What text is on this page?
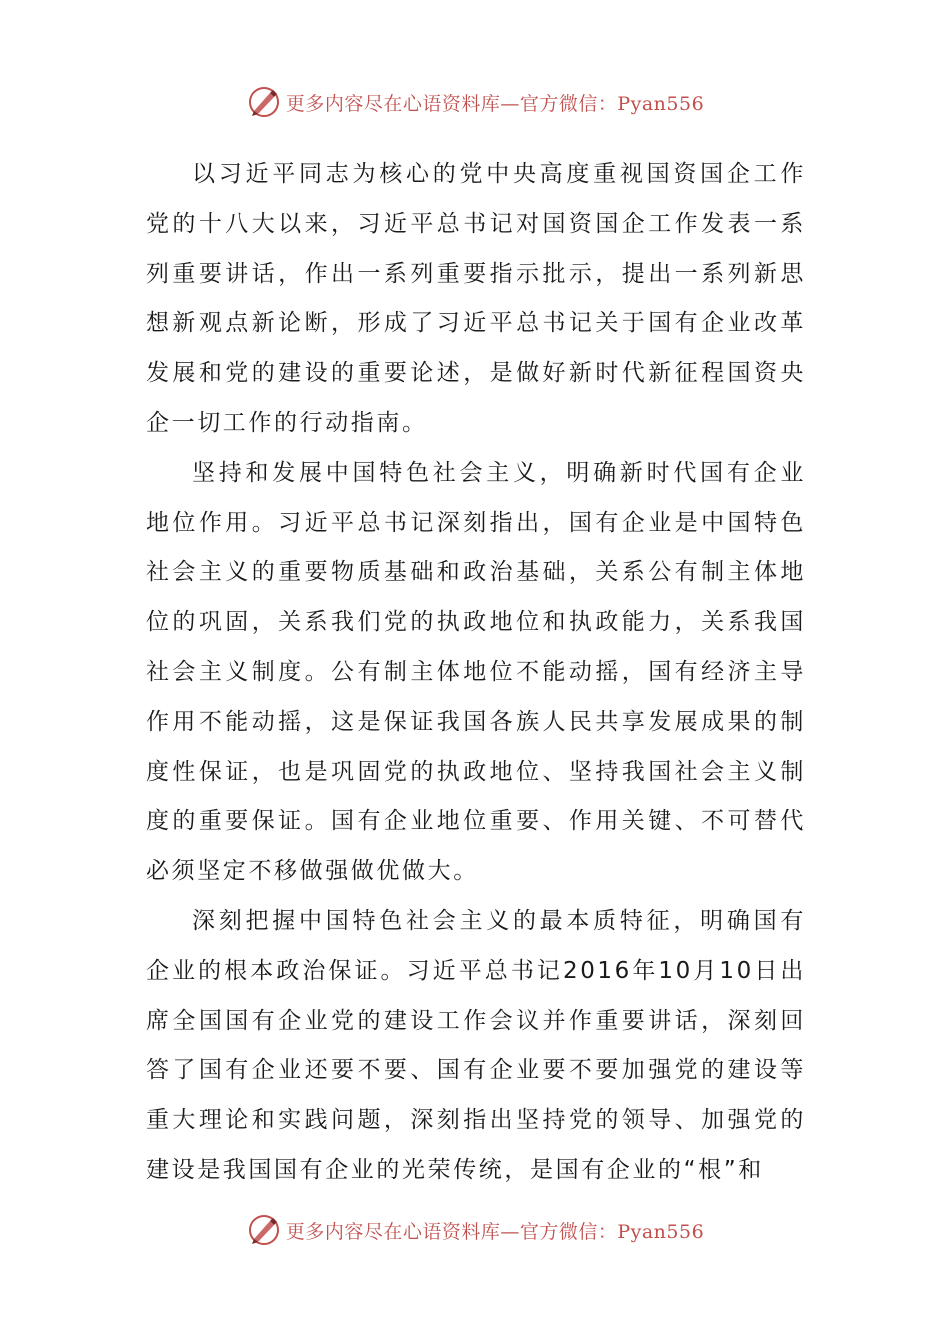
更多内容尽在心语资料库—官方微信：Pyan556

以习近平同志为核心的党中央高度重视国资国企工作党的十八大以来，习近平总书记对国资国企工作发表一系列重要讲话，作出一系列重要指示批示，提出一系列新思想新观点新论断，形成了习近平总书记关于国有企业改革发展和党的建设的重要论述，是做好新时代新征程国资央企一切工作的行动指南。

坚持和发展中国特色社会主义，明确新时代国有企业地位作用。习近平总书记深刻指出，国有企业是中国特色社会主义的重要物质基础和政治基础，关系公有制主体地位的巩固，关系我们党的执政地位和执政能力，关系我国社会主义制度。公有制主体地位不能动摇，国有经济主导作用不能动摇，这是保证我国各族人民共享发展成果的制度性保证，也是巩固党的执政地位、坚持我国社会主义制度的重要保证。国有企业地位重要、作用关键、不可替代必须坚定不移做强做优做大。

深刻把握中国特色社会主义的最本质特征，明确国有企业的根本政治保证。习近平总书记2016年10月10日出席全国国有企业党的建设工作会议并作重要讲话，深刻回答了国有企业还要不要、国有企业要不要加强党的建设等重大理论和实践问题，深刻指出坚持党的领导、加强党的建设是我国国有企业的光荣传统，是国有企业的“根”和

更多内容尽在心语资料库—官方微信：Pyan556
